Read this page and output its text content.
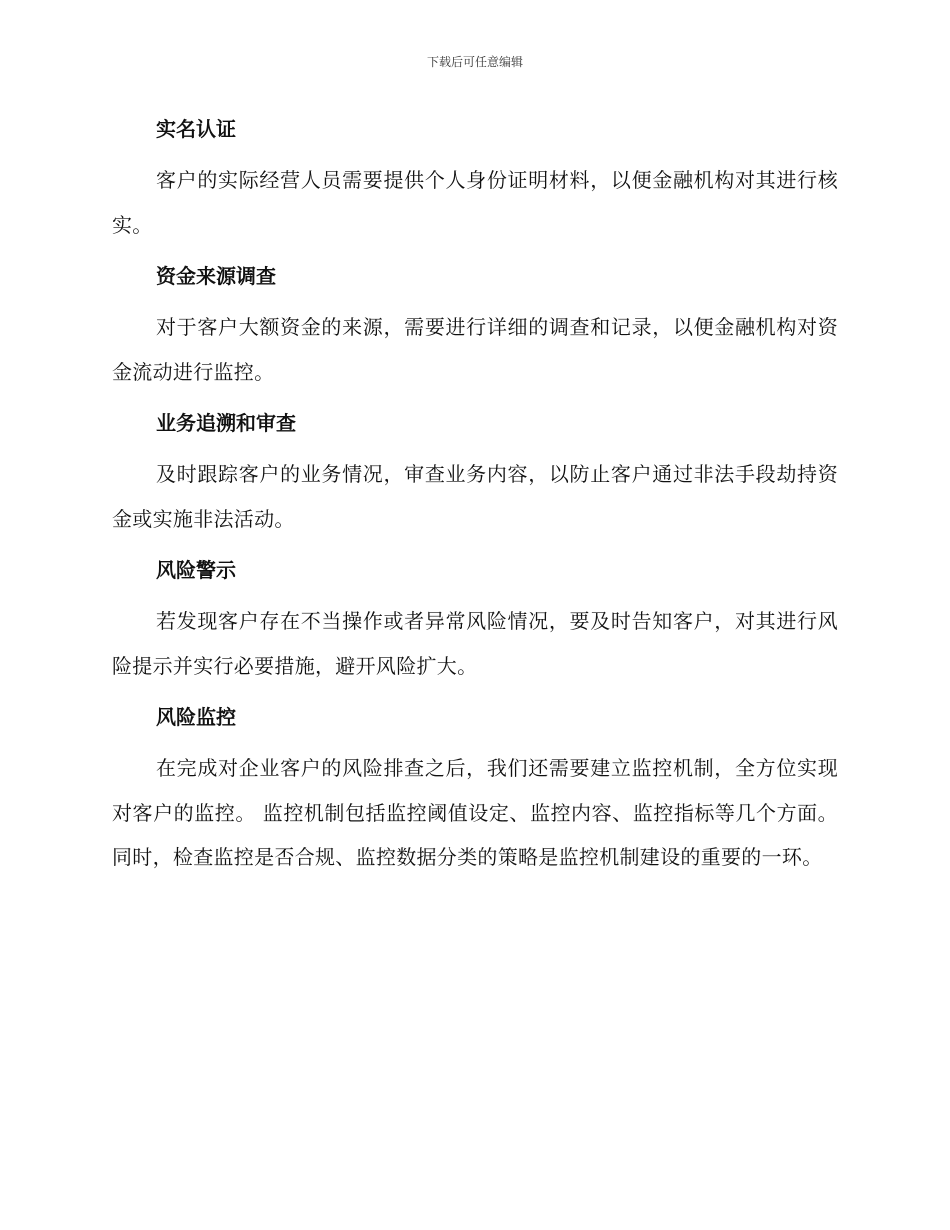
下载后可任意编辑
实名认证

客户的实际经营人员需要提供个人身份证明材料，以便金融机构对其进行核实。

资金来源调查

对于客户大额资金的来源，需要进行详细的调查和记录，以便金融机构对资金流动进行监控。

业务追溯和审查

及时跟踪客户的业务情况，审查业务内容，以防止客户通过非法手段劫持资金或实施非法活动。

风险警示

若发现客户存在不当操作或者异常风险情况，要及时告知客户，对其进行风险提示并实行必要措施，避开风险扩大。

风险监控

在完成对企业客户的风险排查之后，我们还需要建立监控机制，全方位实现对客户的监控。 监控机制包括监控阈值设定、监控内容、监控指标等几个方面。同时，检查监控是否合规、监控数据分类的策略是监控机制建设的重要的一环。
